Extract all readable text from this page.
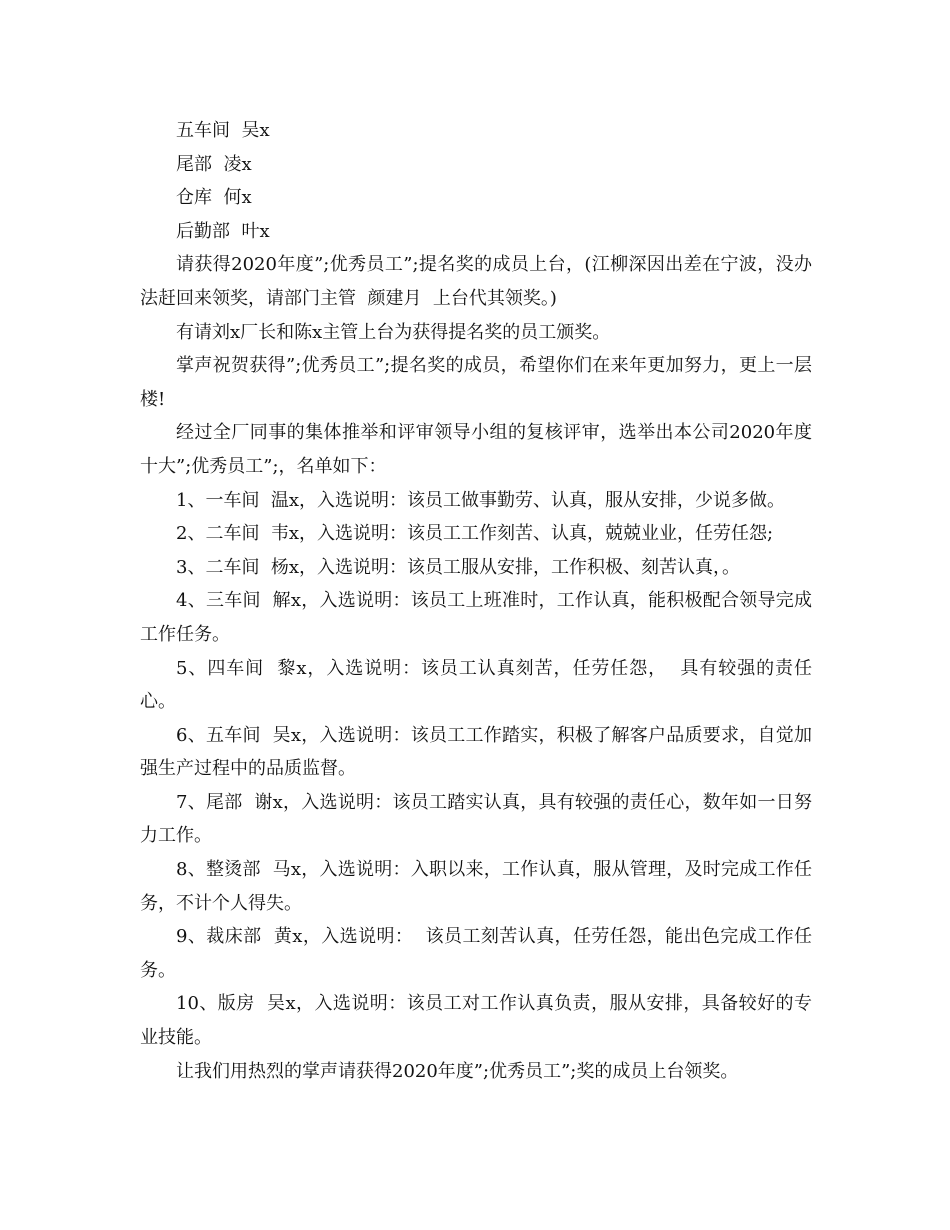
五车间  吴x

尾部  凌x

仓库  何x

后勤部  叶x

请获得2020年度”;优秀员工”;提名奖的成员上台，(江柳深因出差在宁波，没办法赶回来领奖，请部门主管  颜建月  上台代其领奖。)

有请刘x厂长和陈x主管上台为获得提名奖的员工颁奖。

掌声祝贺获得”;优秀员工”;提名奖的成员，希望你们在来年更加努力，更上一层楼!

经过全厂同事的集体推举和评审领导小组的复核评审，选举出本公司2020年度十大”;优秀员工”;，名单如下：

1、一车间  温x，入选说明：该员工做事勤劳、认真，服从安排，少说多做。

2、二车间  韦x，入选说明：该员工工作刻苦、认真，兢兢业业，任劳任怨;

3、二车间  杨x，入选说明：该员工服从安排，工作积极、刻苦认真，。

4、三车间  解x，入选说明：该员工上班准时，工作认真，能积极配合领导完成工作任务。

5、四车间  黎x，入选说明：该员工认真刻苦，任劳任怨，  具有较强的责任心。

6、五车间  吴x，入选说明：该员工工作踏实，积极了解客户品质要求，自觉加强生产过程中的品质监督。

7、尾部  谢x，入选说明：该员工踏实认真，具有较强的责任心，数年如一日努力工作。

8、整烫部  马x，入选说明：入职以来，工作认真，服从管理，及时完成工作任务，不计个人得失。

9、裁床部  黄x，入选说明：  该员工刻苦认真，任劳任怨，能出色完成工作任务。

10、版房  吴x，入选说明：该员工对工作认真负责，服从安排，具备较好的专业技能。

让我们用热烈的掌声请获得2020年度”;优秀员工”;奖的成员上台领奖。
